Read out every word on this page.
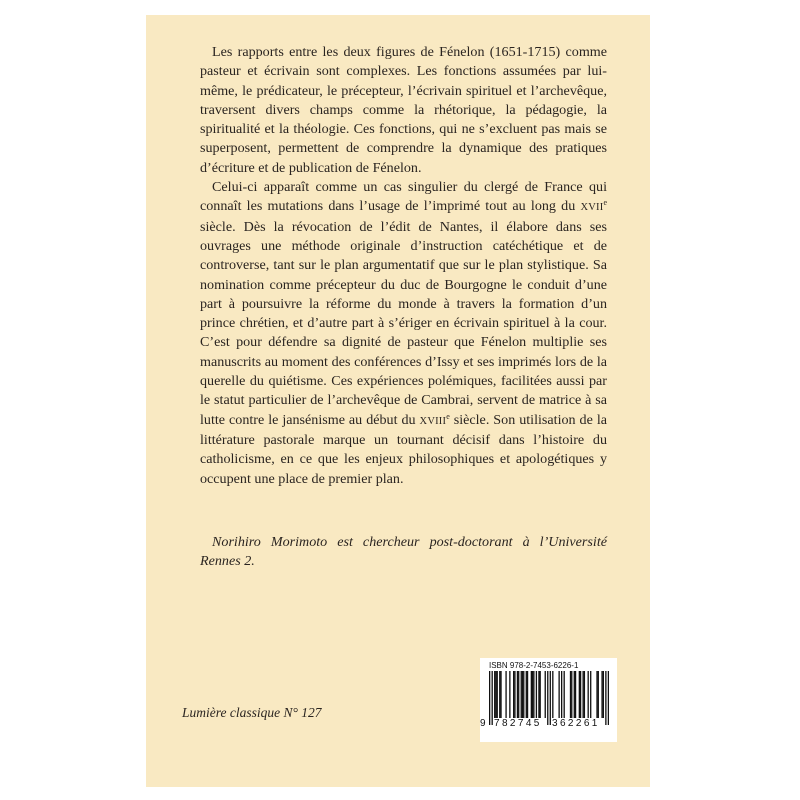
Les rapports entre les deux figures de Fénelon (1651-1715) comme pasteur et écrivain sont complexes. Les fonctions assumées par lui-même, le prédicateur, le précepteur, l’écrivain spirituel et l’archevêque, traversent divers champs comme la rhétorique, la pédagogie, la spiritualité et la théologie. Ces fonctions, qui ne s’excluent pas mais se superposent, permettent de comprendre la dynamique des pratiques d’écriture et de publication de Fénelon.

Celui-ci apparaît comme un cas singulier du clergé de France qui connaît les mutations dans l’usage de l’imprimé tout au long du XVIIe siècle. Dès la révocation de l’édit de Nantes, il élabore dans ses ouvrages une méthode originale d’instruction catéchétique et de controverse, tant sur le plan argumentatif que sur le plan stylistique. Sa nomination comme précepteur du duc de Bourgogne le conduit d’une part à poursuivre la réforme du monde à travers la formation d’un prince chrétien, et d’autre part à s’ériger en écrivain spirituel à la cour. C’est pour défendre sa dignité de pasteur que Fénelon multiplie ses manuscrits au moment des conférences d’Issy et ses imprimés lors de la querelle du quiétisme. Ces expériences polémiques, facilitées aussi par le statut particulier de l’archevêque de Cambrai, servent de matrice à sa lutte contre le jansénisme au début du XVIIIe siècle. Son utilisation de la littérature pastorale marque un tournant décisif dans l’histoire du catholicisme, en ce que les enjeux philosophiques et apologétiques y occupent une place de premier plan.

Norihiro Morimoto est chercheur post-doctorant à l’Université Rennes 2.
Lumière classique N° 127
ISBN 978-2-7453-6226-1
9 782745 362261
